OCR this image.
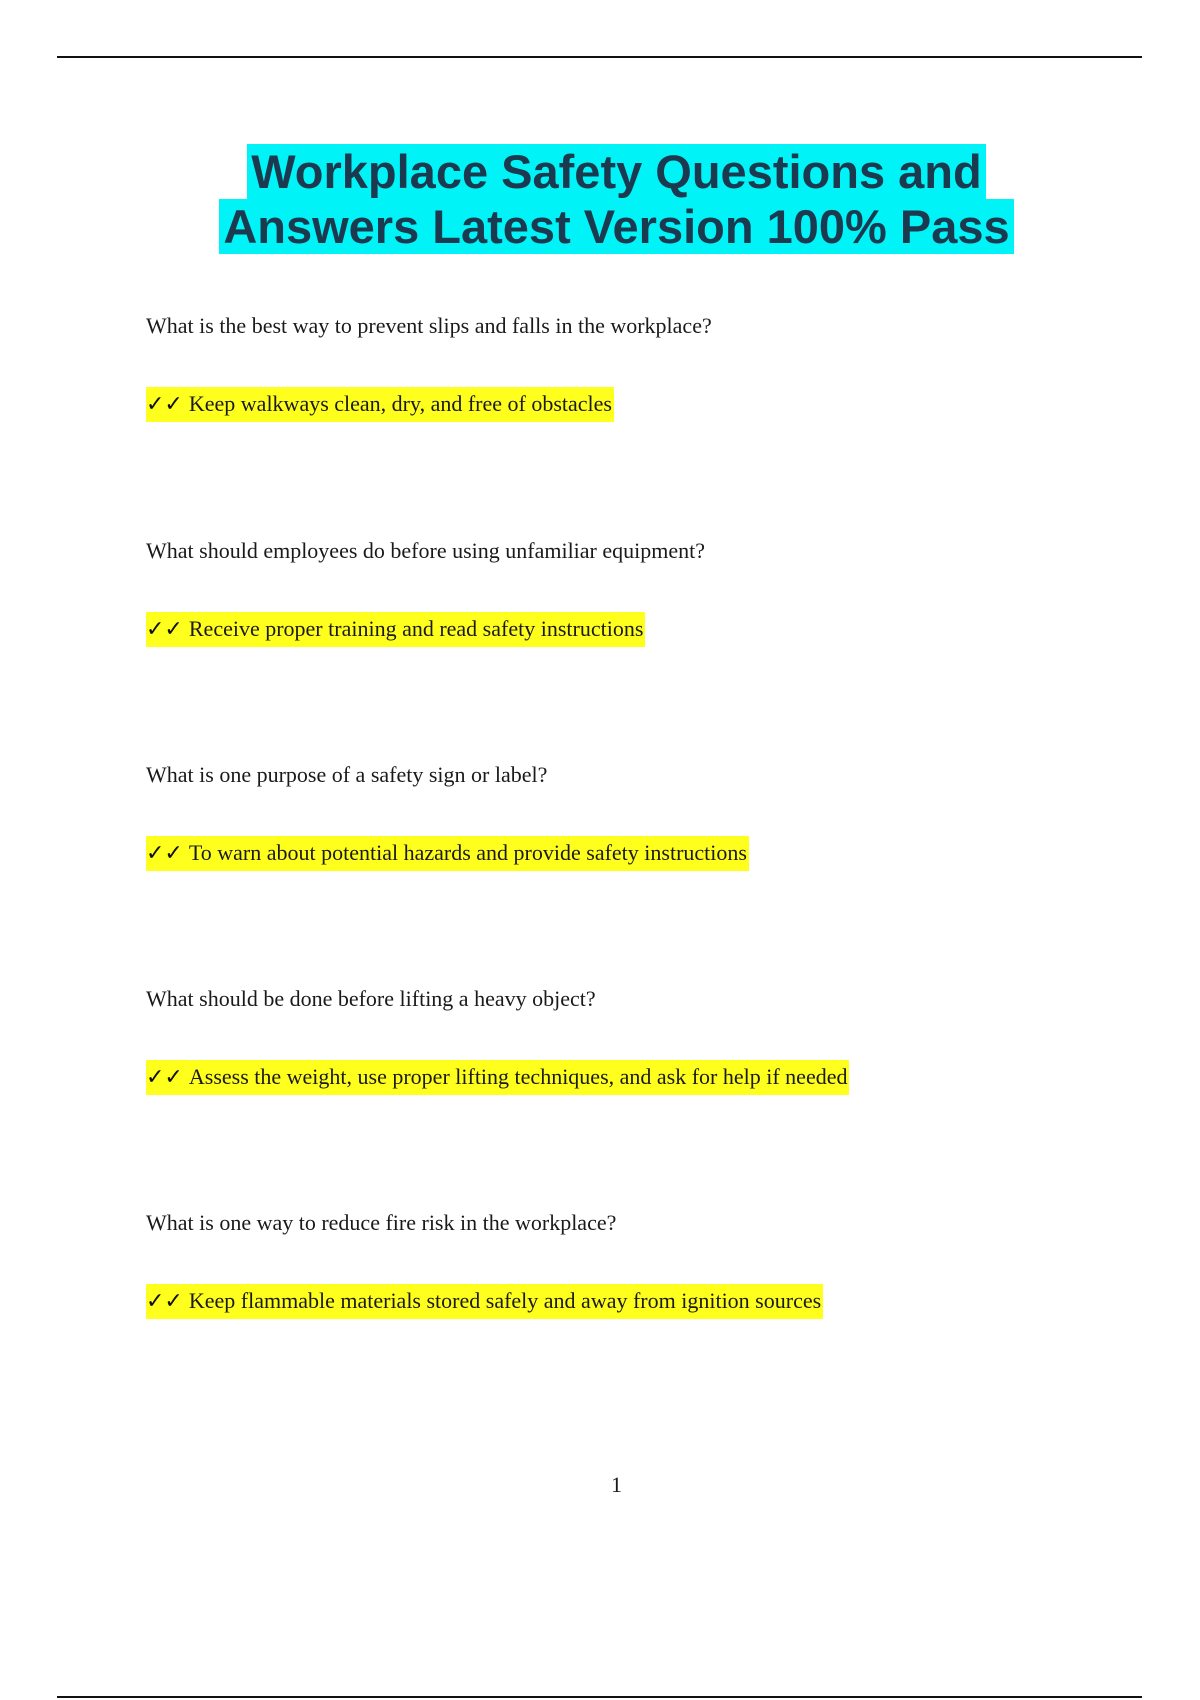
Workplace Safety Questions and
Answers Latest Version 100% Pass

What is the best way to prevent slips and falls in the workplace?

✓✓ Keep walkways clean, dry, and free of obstacles

What should employees do before using unfamiliar equipment?

✓✓ Receive proper training and read safety instructions

What is one purpose of a safety sign or label?

✓✓ To warn about potential hazards and provide safety instructions

What should be done before lifting a heavy object?

✓✓ Assess the weight, use proper lifting techniques, and ask for help if needed

What is one way to reduce fire risk in the workplace?

✓✓ Keep flammable materials stored safely and away from ignition sources
1
